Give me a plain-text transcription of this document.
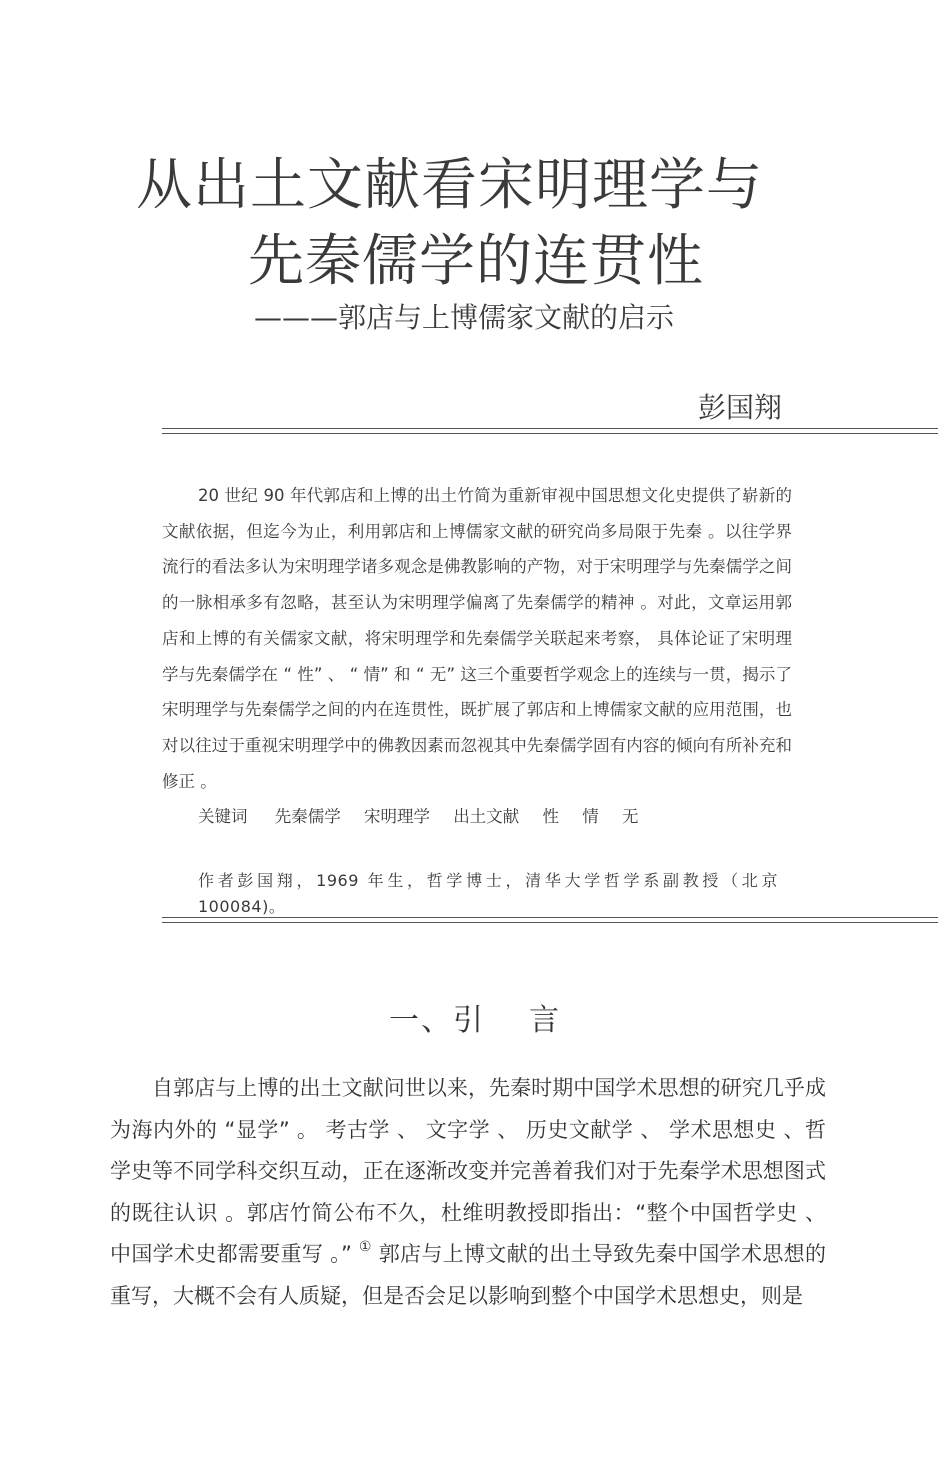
从出土文献看宋明理学与
先秦儒学的连贯性
———郭店与上博儒家文献的启示
彭国翔

20 世纪 90 年代郭店和上博的出土竹简为重新审视中国思想文化史提供了崭新的文献依据，但迄今为止，利用郭店和上博儒家文献的研究尚多局限于先秦 。以往学界流行的看法多认为宋明理学诸多观念是佛教影响的产物，对于宋明理学与先秦儒学之间的一脉相承多有忽略，甚至认为宋明理学偏离了先秦儒学的精神 。对此，文章运用郭店和上博的有关儒家文献，将宋明理学和先秦儒学关联起来考察， 具体论证了宋明理学与先秦儒学在 “ 性” 、 “ 情” 和 “ 无” 这三个重要哲学观念上的连续与一贯，揭示了宋明理学与先秦儒学之间的内在连贯性，既扩展了郭店和上博儒家文献的应用范围，也对以往过于重视宋明理学中的佛教因素而忽视其中先秦儒学固有内容的倾向有所补充和修正 。

关键词 先秦儒学 宋明理学 出土文献 性 情 无

作者彭国翔，1969 年生，哲学博士，清华大学哲学系副教授（北京 100084)。

一、引 言

自郭店与上博的出土文献问世以来，先秦时期中国学术思想的研究几乎成为海内外的 “显学” 。 考古学 、 文字学 、 历史文献学 、 学术思想史 、哲学史等不同学科交织互动，正在逐渐改变并完善着我们对于先秦学术思想图式的既往认识 。郭店竹简公布不久，杜维明教授即指出：“整个中国哲学史 、中国学术史都需要重写 。” ① 郭店与上博文献的出土导致先秦中国学术思想的重写，大概不会有人质疑，但是否会足以影响到整个中国学术思想史，则是
